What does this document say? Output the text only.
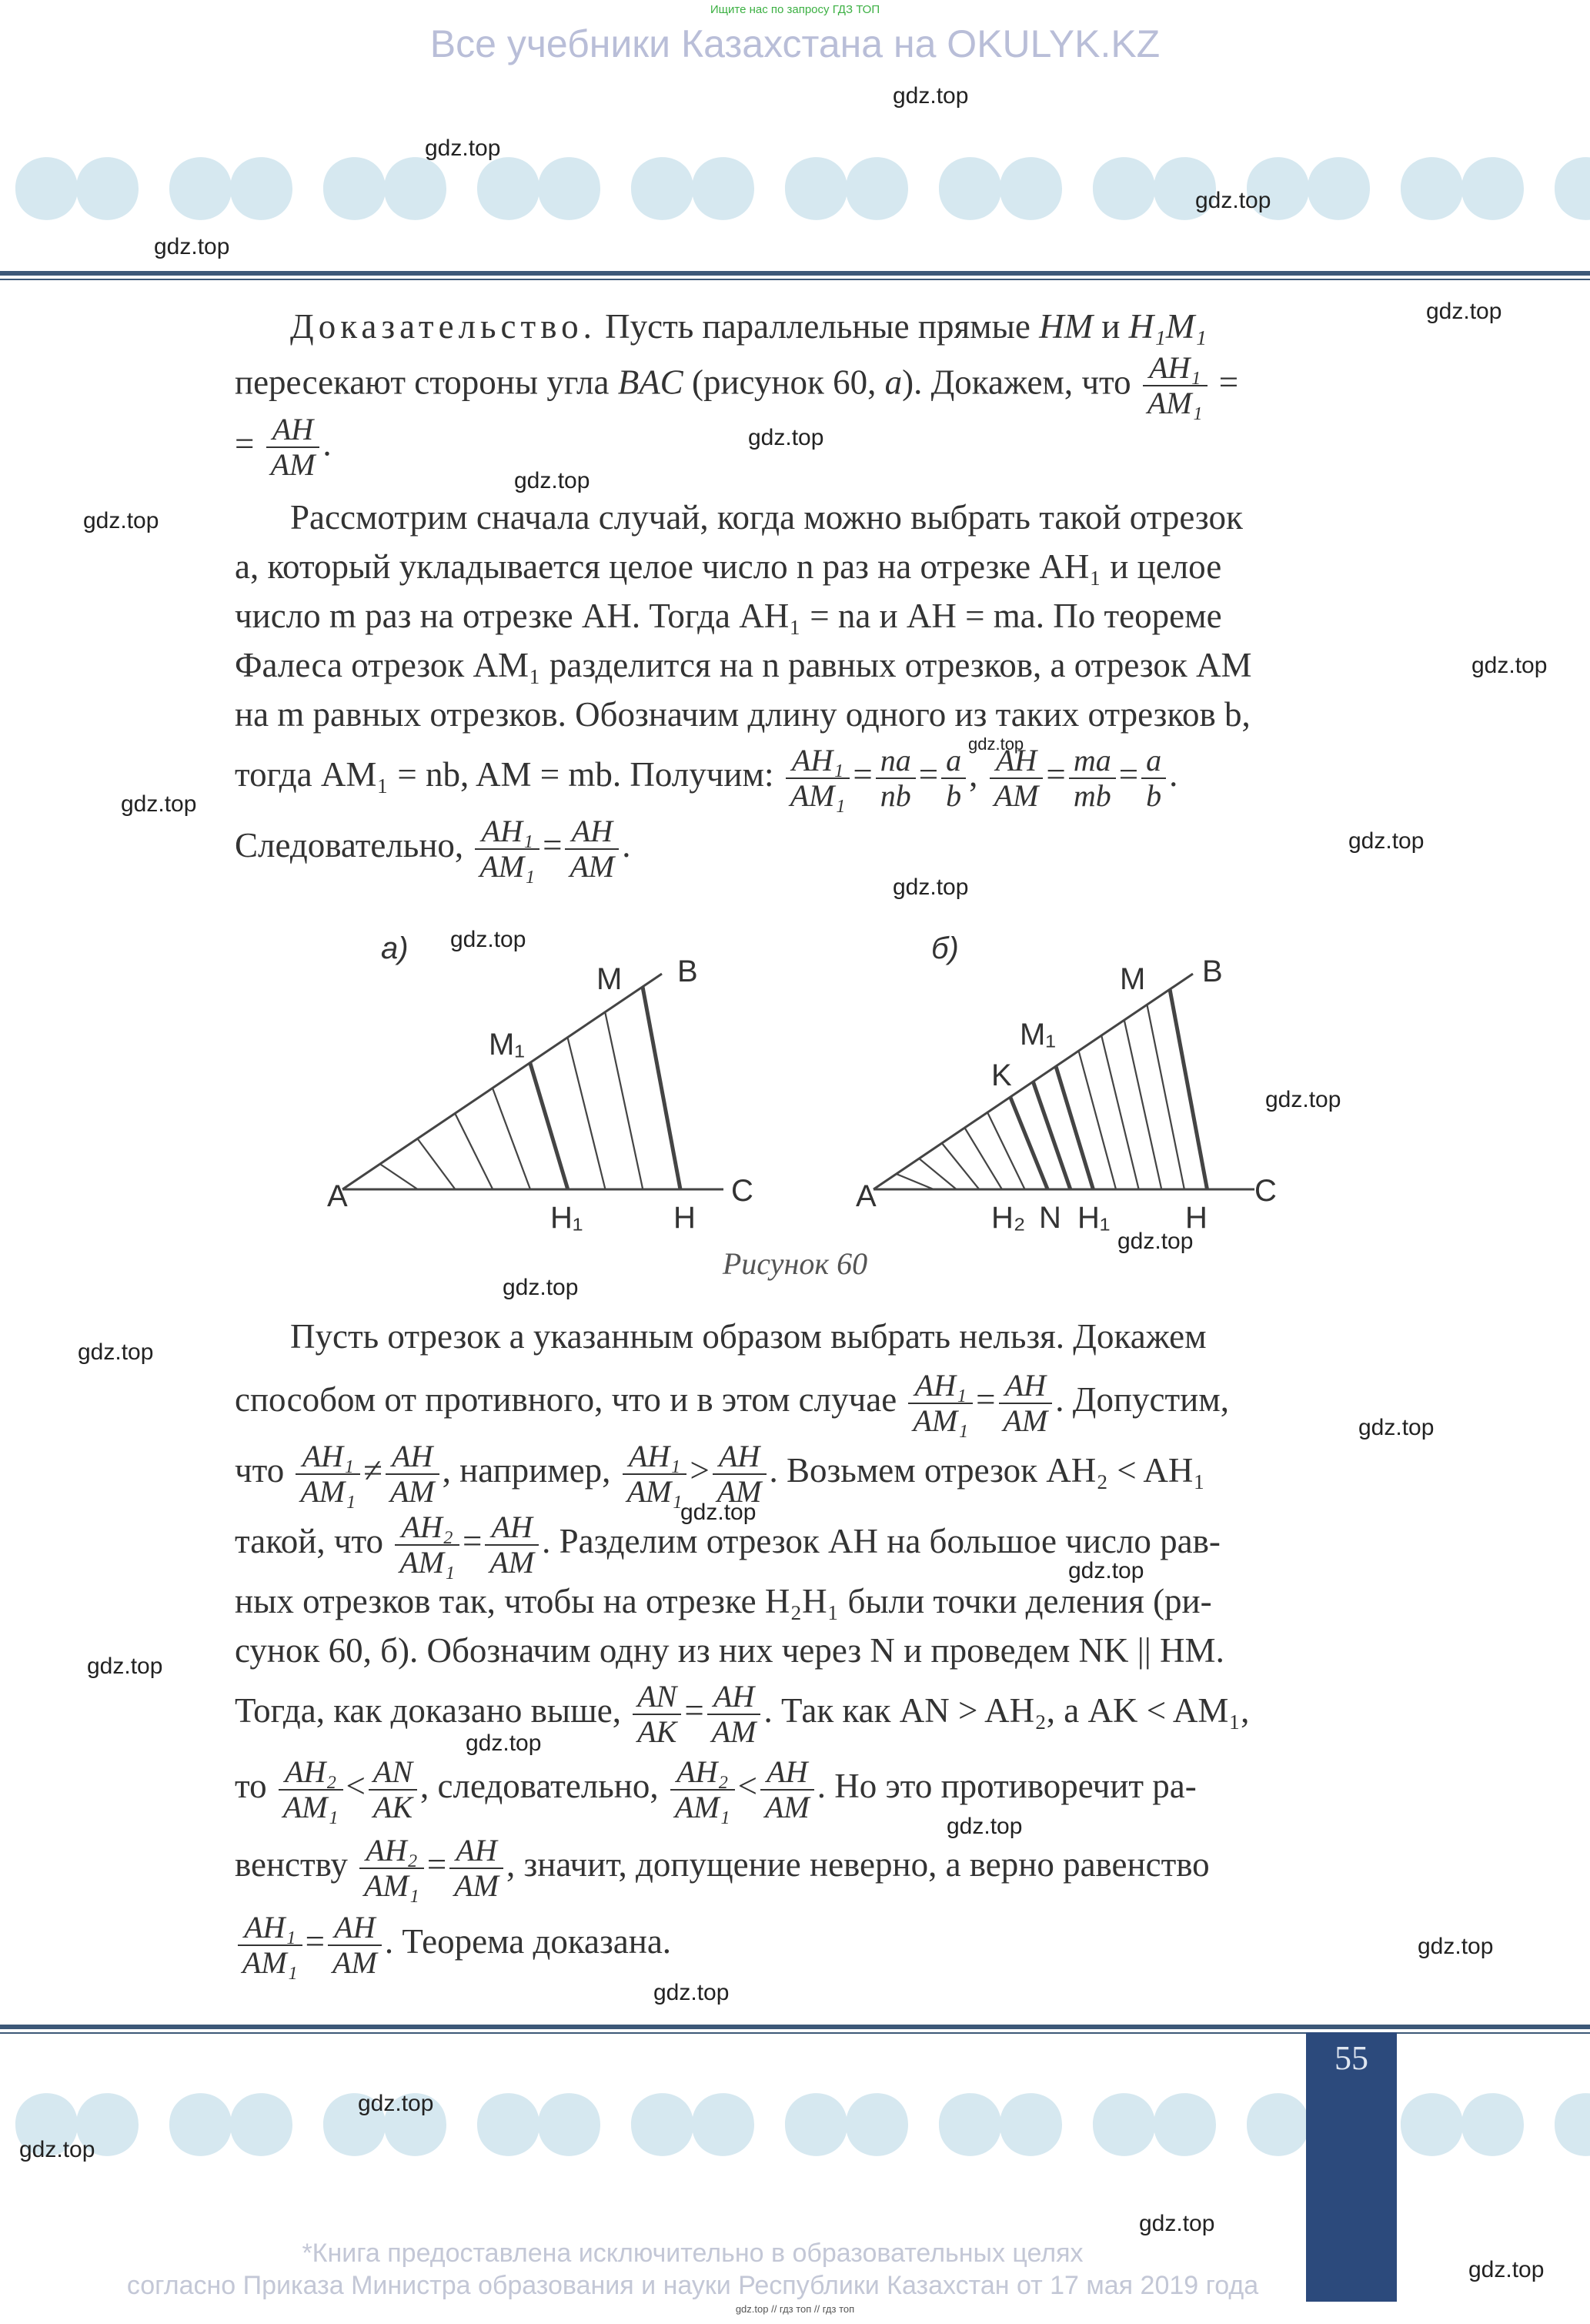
Ищите нас по запросу ГДЗ ТОП
Все учебники Казахстана на OKULYK.KZ
Доказательство. Пусть параллельные прямые HM и H₁M₁
пересекают стороны угла BAC (рисунок 60, а). Докажем, что $\frac{\text{AH₁}}{\text{AM₁}}$ =
= $\frac{AH}{AM}$ .
Рассмотрим сначала случай, когда можно выбрать такой отрезок
a, который укладывается целое число n раз на отрезке AH₁ и целое
число m раз на отрезке AH. Тогда AH₁ = na и AH = ma. По теореме
Фалеса отрезок AM₁ разделится на n равных отрезков, а отрезок AM
на m равных отрезков. Обозначим длину одного из таких отрезков b,
тогда AM₁ = nb, AM = mb. Получим: $\frac{\text{AH₁}}{\text{AM₁}} = \frac{na}{nb} = \frac{a}{b}$ , $\frac{AH}{AM} = \frac{ma}{mb} = \frac{a}{b}$ .
Следовательно, $\frac{\text{AH₁}}{\text{AM₁}} = \frac{AH}{AM}$ .
а)	б)
A
M₁
M B
H₁	H
C	A
K
M₁
M B
H₂ N H₁ H
C
Рисунок 60
Пусть отрезок a указанным образом выбрать нельзя. Докажем
способом от противного, что и в этом случае $\frac{\text{AH₁}}{\text{AM₁}} = \frac{AH}{AM}$ . Допустим,
что $\frac{\text{AH₁}}{\text{AM₁}} \ne \frac{AH}{AM}$ , например, $\frac{\text{AH₁}}{\text{AM₁}} > \frac{AH}{AM}$ . Возьмем отрезок AH₂ < AH₁
такой, что $\frac{\text{AH₂}}{\text{AM₁}} = \frac{AH}{AM}$ . Разделим отрезок AH на большое число рав-
ных отрезков так, чтобы на отрезке H₂H₁ были точки деления (ри-
сунок 60, б). Обозначим одну из них через N и проведем NK || HM.
Тогда, как доказано выше, $\frac{AN}{AK} = \frac{AH}{AM}$ . Так как AN > AH₂, а AK < AM₁,
то $\frac{\text{AH₂}}{\text{AM₁}} < \frac{AN}{AK}$ , следовательно, $\frac{\text{AH₂}}{\text{AM₁}} < \frac{AH}{AM}$ . Но это противоречит ра-
венству $\frac{\text{AH₂}}{\text{AM₁}} = \frac{AH}{AM}$ , значит, допущение неверно, а верно равенство
$\frac{\text{AH₁}}{\text{AM₁}} = \frac{AH}{AM}$ . Теорема доказана.
55
*Книга предоставлена исключительно в образовательных целях
согласно Приказа Министра образования и науки Республики Казахстан от 17 мая 2019 года
gdz.top // гдз топ // гдз топ
gdz.top
gdz.top
gdz.top
gdz.top
gdz.top
gdz.top
gdz.top
gdz.top
gdz.top
gdz.top
gdz.top
gdz.top
gdz.top
gdz.top
gdz.top
gdz.top
gdz.top
gdz.top
gdz.top
gdz.top
gdz.top
gdz.top
gdz.top
gdz.top
gdz.top
gdz.top
gdz.top
gdz.top
gdz.top
gdz.top
